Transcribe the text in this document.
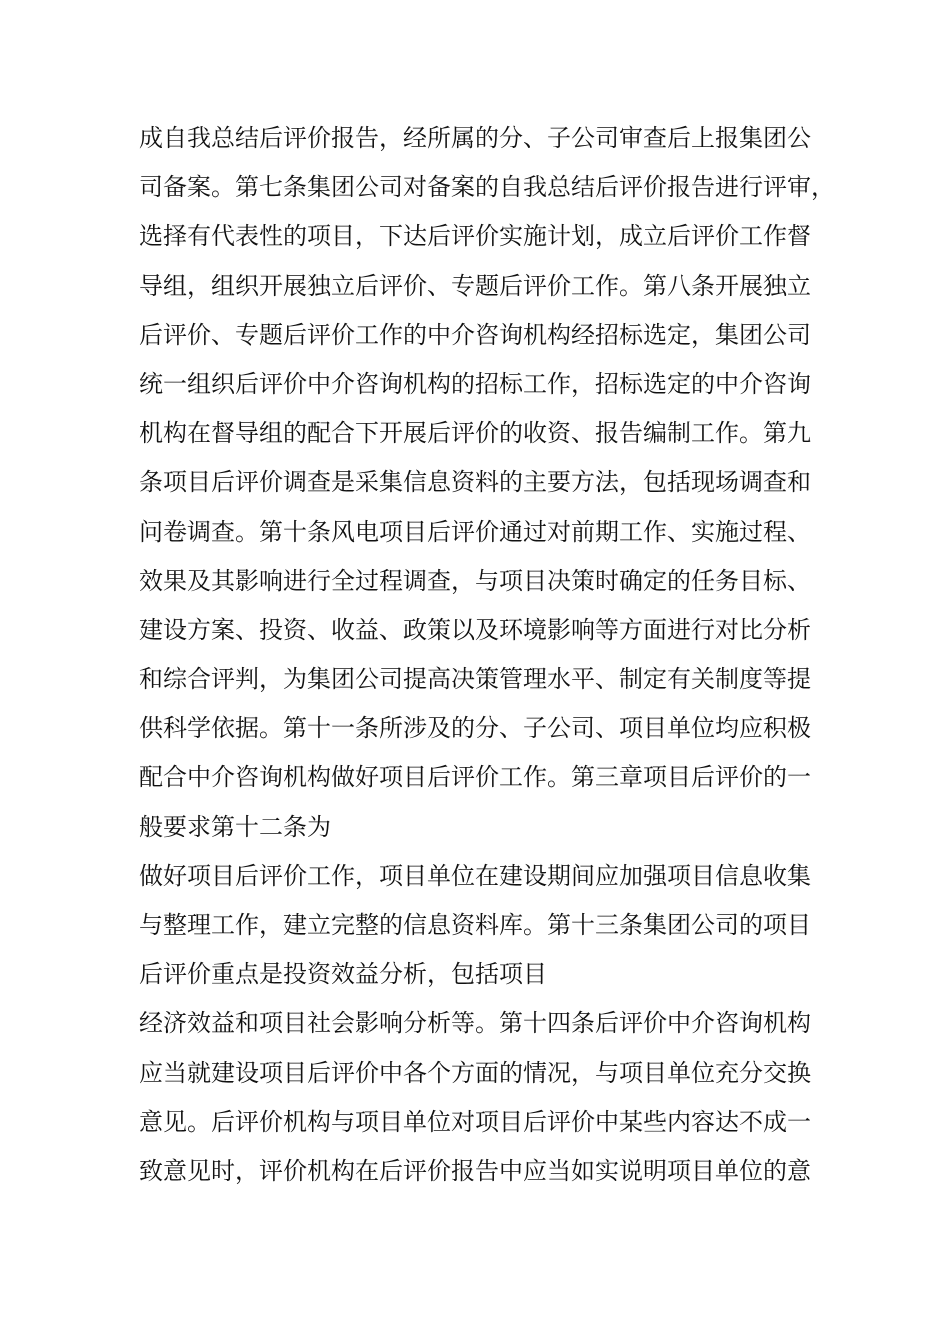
成自我总结后评价报告，经所属的分、子公司审查后上报集团公
司备案。第七条集团公司对备案的自我总结后评价报告进行评审，
选择有代表性的项目，下达后评价实施计划，成立后评价工作督
导组，组织开展独立后评价、专题后评价工作。第八条开展独立
后评价、专题后评价工作的中介咨询机构经招标选定，集团公司
统一组织后评价中介咨询机构的招标工作，招标选定的中介咨询
机构在督导组的配合下开展后评价的收资、报告编制工作。第九
条项目后评价调查是采集信息资料的主要方法，包括现场调查和
问卷调查。第十条风电项目后评价通过对前期工作、实施过程、
效果及其影响进行全过程调查，与项目决策时确定的任务目标、
建设方案、投资、收益、政策以及环境影响等方面进行对比分析
和综合评判，为集团公司提高决策管理水平、制定有关制度等提
供科学依据。第十一条所涉及的分、子公司、项目单位均应积极
配合中介咨询机构做好项目后评价工作。第三章项目后评价的一
般要求第十二条为
做好项目后评价工作，项目单位在建设期间应加强项目信息收集
与整理工作，建立完整的信息资料库。第十三条集团公司的项目
后评价重点是投资效益分析，包括项目
经济效益和项目社会影响分析等。第十四条后评价中介咨询机构
应当就建设项目后评价中各个方面的情况，与项目单位充分交换
意见。后评价机构与项目单位对项目后评价中某些内容达不成一
致意见时，评价机构在后评价报告中应当如实说明项目单位的意
